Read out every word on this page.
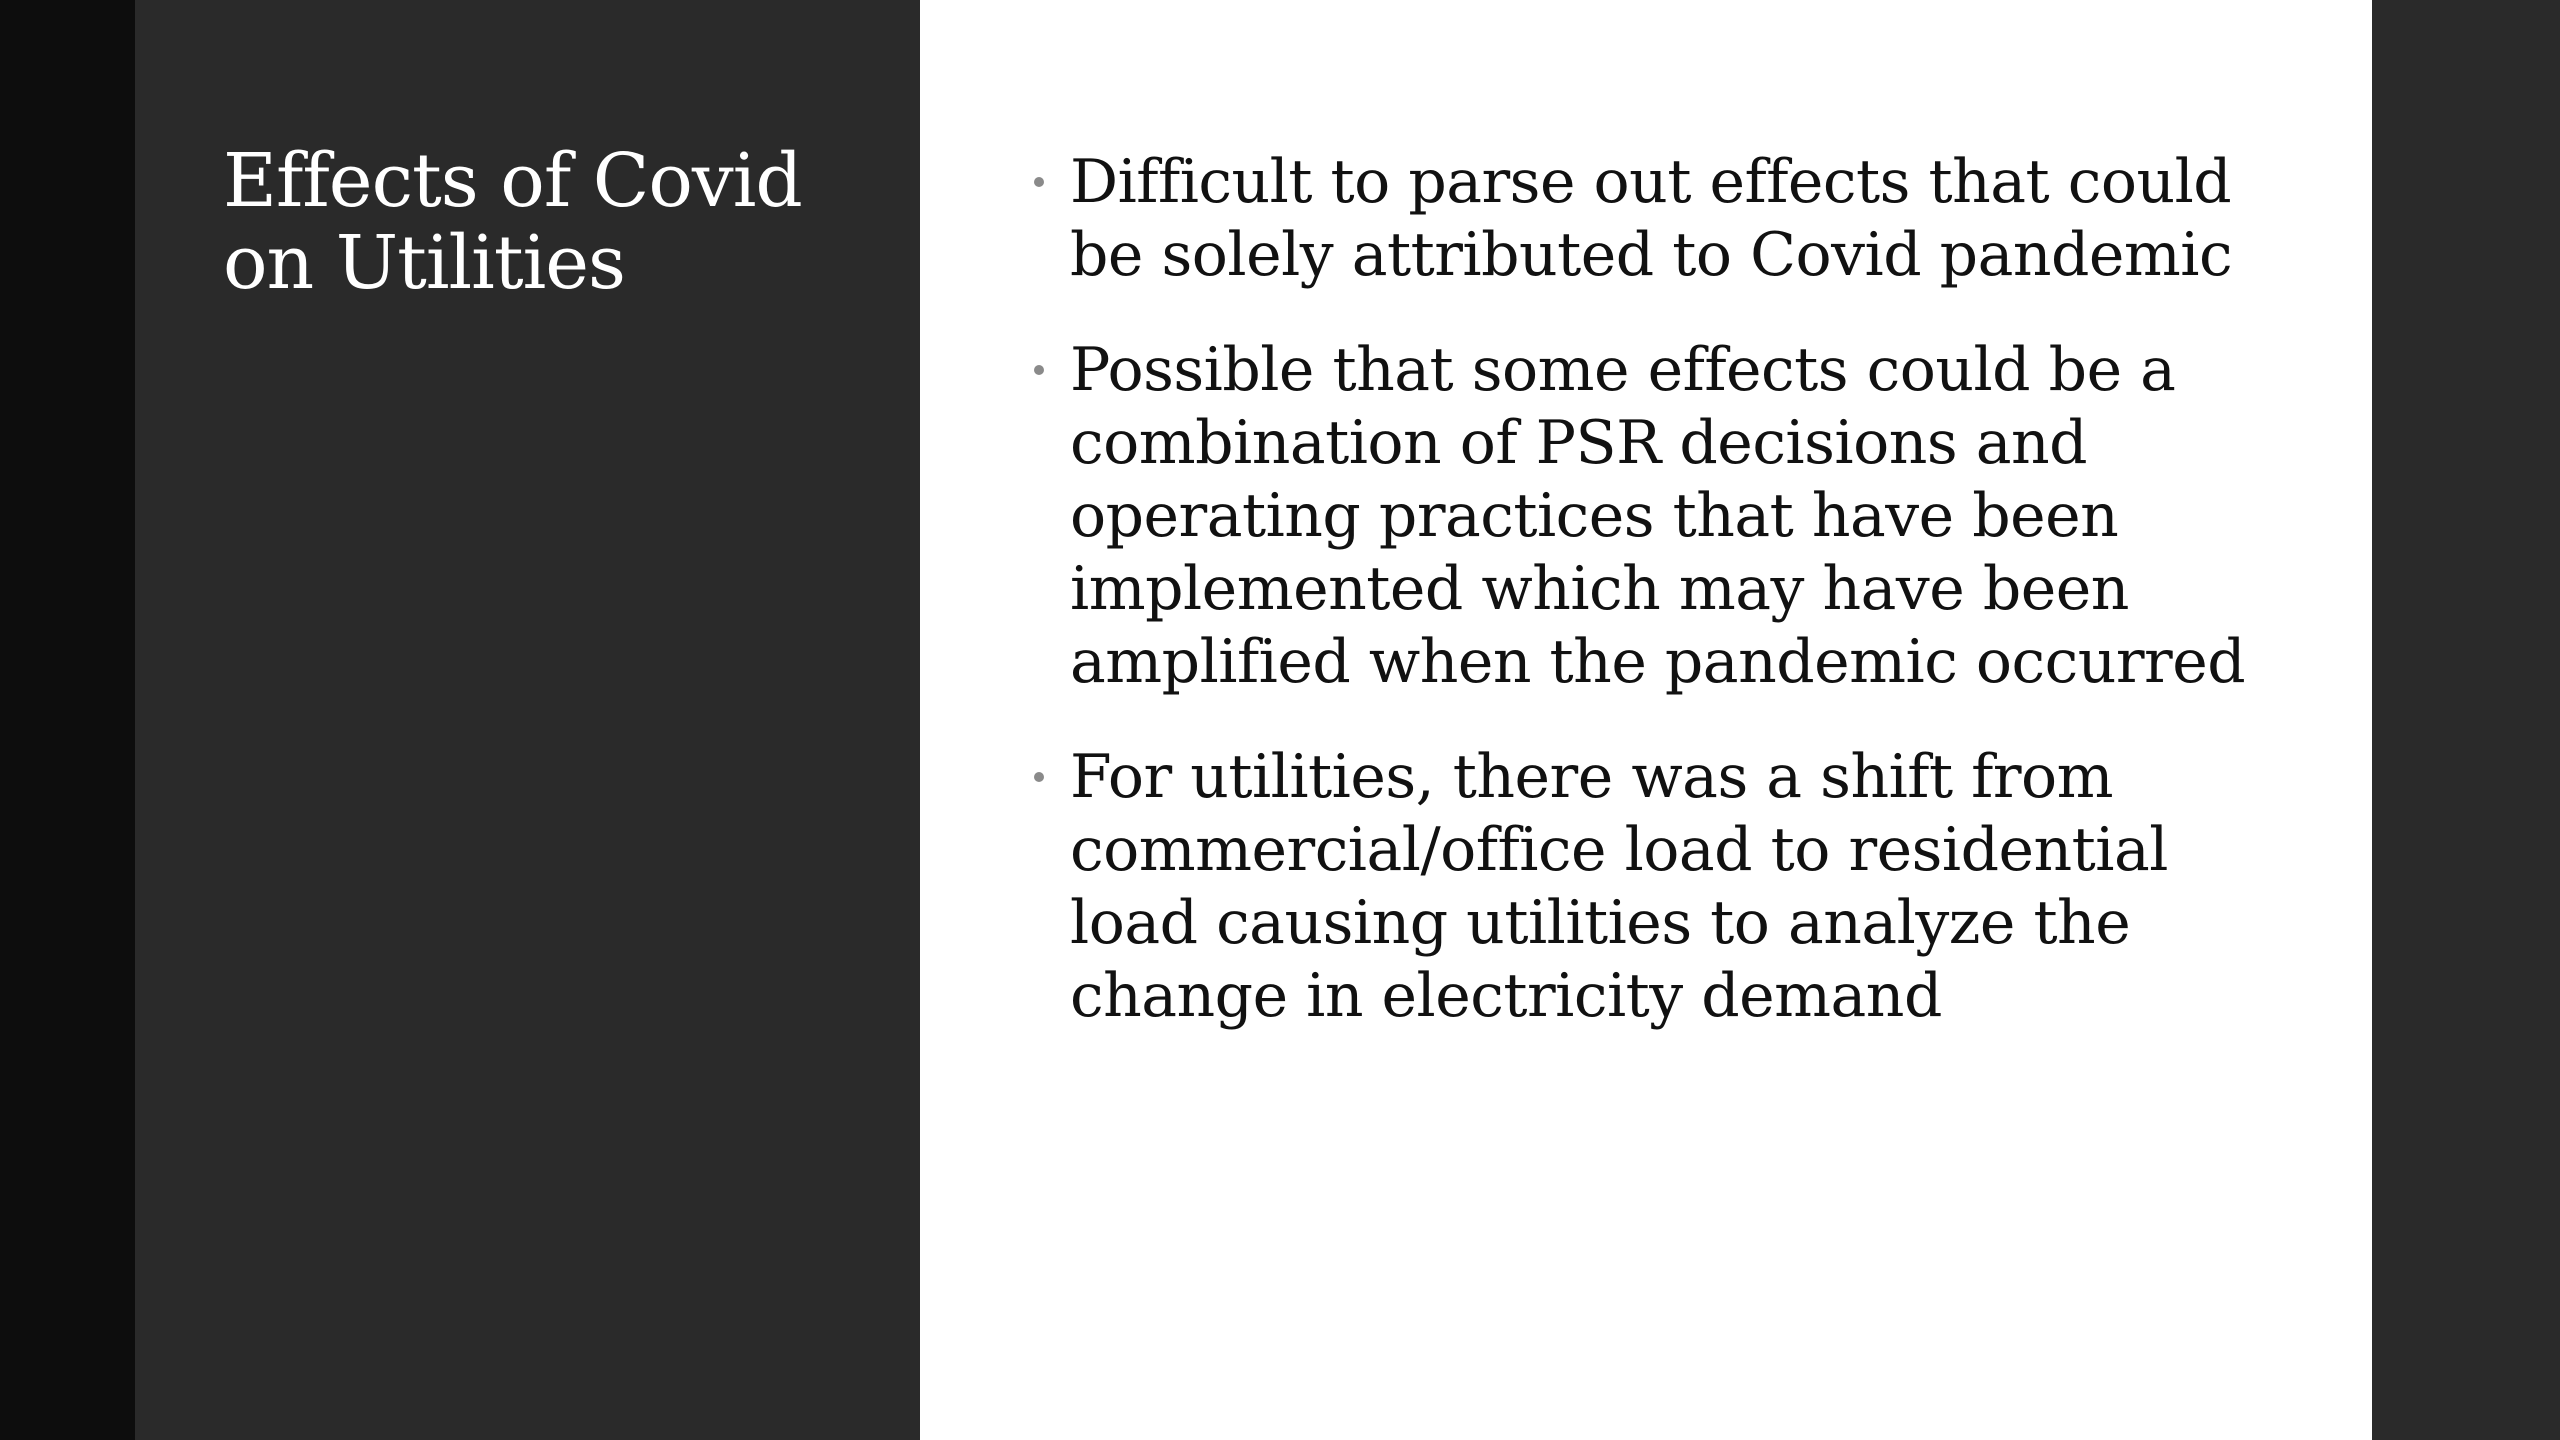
Effects of Covid on Utilities
Difficult to parse out effects that could be solely attributed to Covid pandemic
Possible that some effects could be a combination of PSR decisions and operating practices that have been implemented which may have been amplified when the pandemic occurred
For utilities, there was a shift from commercial/office load to residential load causing utilities to analyze the change in electricity demand
